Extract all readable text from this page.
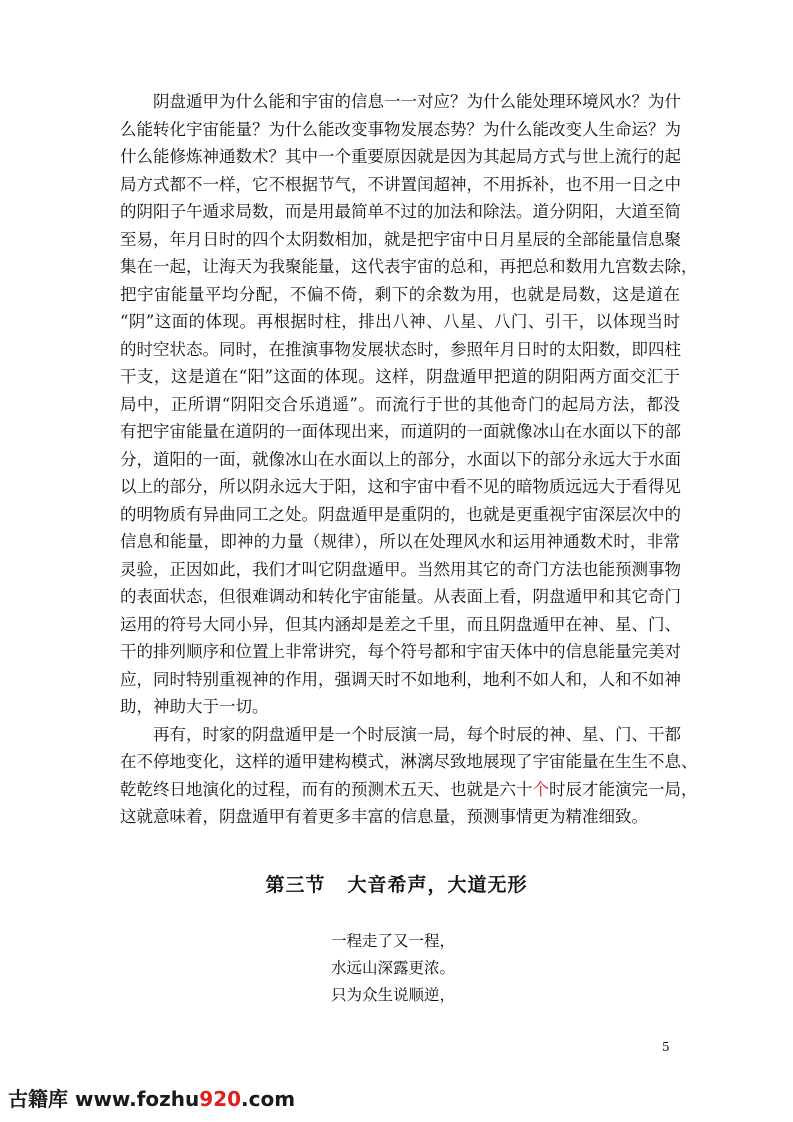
阴盘遁甲为什么能和宇宙的信息一一对应？为什么能处理环境风水？为什
么能转化宇宙能量？为什么能改变事物发展态势？为什么能改变人生命运？为
什么能修炼神通数术？其中一个重要原因就是因为其起局方式与世上流行的起
局方式都不一样，它不根据节气，不讲置闰超神，不用拆补，也不用一日之中
的阴阳子午遁求局数，而是用最简单不过的加法和除法。道分阴阳，大道至简
至易，年月日时的四个太阴数相加，就是把宇宙中日月星辰的全部能量信息聚
集在一起，让海天为我聚能量，这代表宇宙的总和，再把总和数用九宫数去除，
把宇宙能量平均分配，不偏不倚，剩下的余数为用，也就是局数，这是道在
“阴”这面的体现。再根据时柱，排出八神、八星、八门、引干，以体现当时
的时空状态。同时，在推演事物发展状态时，参照年月日时的太阳数，即四柱
干支，这是道在“阳”这面的体现。这样，阴盘遁甲把道的阴阳两方面交汇于
局中，正所谓“阴阳交合乐逍遥”。而流行于世的其他奇门的起局方法，都没
有把宇宙能量在道阴的一面体现出来，而道阴的一面就像冰山在水面以下的部
分，道阳的一面，就像冰山在水面以上的部分，水面以下的部分永远大于水面
以上的部分，所以阴永远大于阳，这和宇宙中看不见的暗物质远远大于看得见
的明物质有异曲同工之处。阴盘遁甲是重阴的，也就是更重视宇宙深层次中的
信息和能量，即神的力量（规律），所以在处理风水和运用神通数术时，非常
灵验，正因如此，我们才叫它阴盘遁甲。当然用其它的奇门方法也能预测事物
的表面状态，但很难调动和转化宇宙能量。从表面上看，阴盘遁甲和其它奇门
运用的符号大同小异，但其内涵却是差之千里，而且阴盘遁甲在神、星、门、
干的排列顺序和位置上非常讲究，每个符号都和宇宙天体中的信息能量完美对
应，同时特别重视神的作用，强调天时不如地利，地利不如人和，人和不如神
助，神助大于一切。
再有，时家的阴盘遁甲是一个时辰演一局，每个时辰的神、星、门、干都
在不停地变化，这样的遁甲建构模式，淋漓尽致地展现了宇宙能量在生生不息、
乾乾终日地演化的过程，而有的预测术五天、也就是六十个时辰才能演完一局，
这就意味着，阴盘遁甲有着更多丰富的信息量，预测事情更为精准细致。
第三节 大音希声，大道无形
一程走了又一程，
水远山深露更浓。
只为众生说顺逆，
5
古籍库 www.fozhu920.com
